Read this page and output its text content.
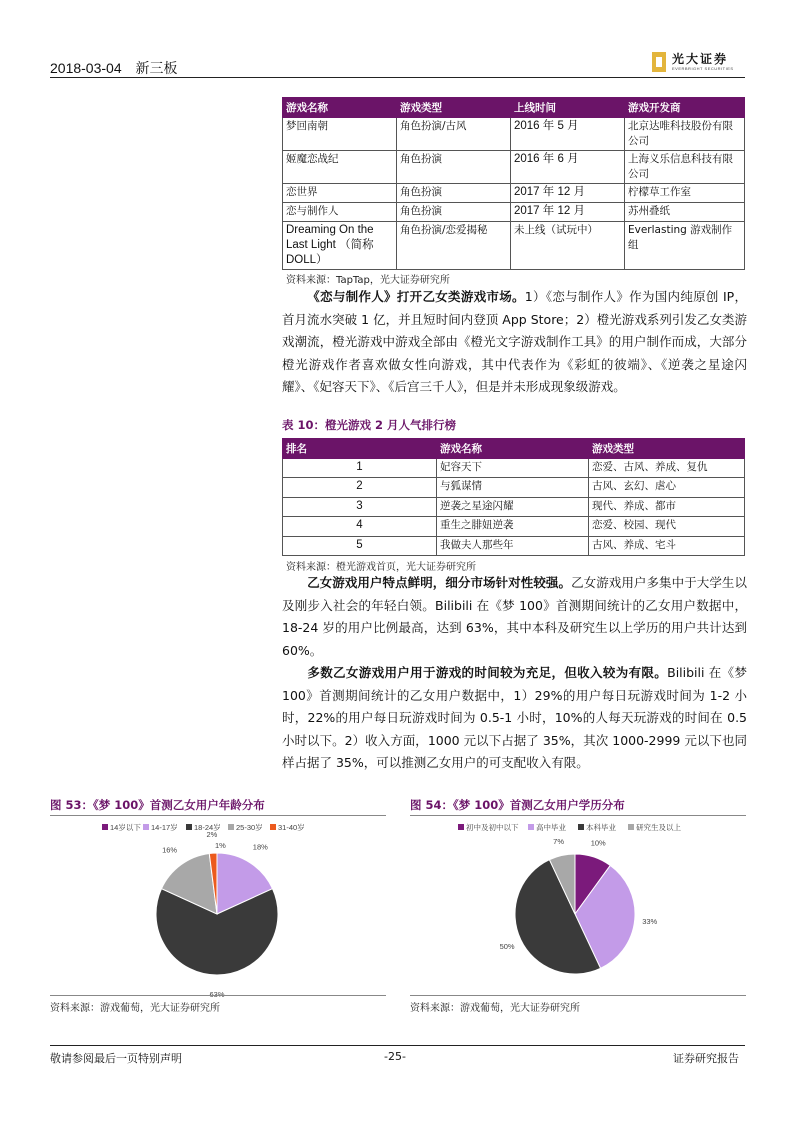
2018-03-04 新三板
光大证券
EVERBRIGHT SECURITIES
游戏名称	游戏类型	上线时间	游戏开发商
梦回南朝	角色扮演/古风	2016 年 5 月	北京达唯科技股份有限公司
姬魔恋战纪	角色扮演	2016 年 6 月	上海义乐信息科技有限公司
恋世界	角色扮演	2017 年 12 月	柠檬草工作室
恋与制作人	角色扮演	2017 年 12 月	苏州叠纸
Dreaming On the Last Light （简称DOLL）	角色扮演/恋爱揭秘	未上线（试玩中）	Everlasting 游戏制作组
资料来源：TapTap，光大证券研究所
《恋与制作人》打开乙女类游戏市场。1）《恋与制作人》作为国内纯原创 IP，首月流水突破 1 亿，并且短时间内登顶 App Store；2）橙光游戏系列引发乙女类游戏潮流，橙光游戏中游戏全部由《橙光文字游戏制作工具》的用户制作而成，大部分橙光游戏作者喜欢做女性向游戏，其中代表作为《彩虹的彼端》、《逆袭之星途闪耀》、《妃容天下》、《后宫三千人》，但是并未形成现象级游戏。
表 10：橙光游戏 2 月人气排行榜
排名	游戏名称	游戏类型
1	妃容天下	恋爱、古风、养成、复仇
2	与狐谋情	古风、玄幻、虐心
3	逆袭之星途闪耀	现代、养成、都市
4	重生之腓妞逆袭	恋爱、校园、现代
5	我做夫人那些年	古风、养成、宅斗
资料来源：橙光游戏首页，光大证券研究所
乙女游戏用户特点鲜明，细分市场针对性较强。乙女游戏用户多集中于大学生以及刚步入社会的年轻白领。Bilibili 在《梦 100》首测期间统计的乙女用户数据中，18-24 岁的用户比例最高，达到 63%，其中本科及研究生以上学历的用户共计达到 60%。
多数乙女游戏用户用于游戏的时间较为充足，但收入较为有限。Bilibili 在《梦 100》首测期间统计的乙女用户数据中，1）29%的用户每日玩游戏时间为 1-2 小时，22%的用户每日玩游戏时间为 0.5-1 小时，10%的人每天玩游戏的时间在 0.5 小时以下。2）收入方面，1000 元以下占据了 35%，其次 1000-2999 元以下也同样占据了 35%，可以推测乙女用户的可支配收入有限。
图 53：《梦 100》首测乙女用户年龄分布
14岁以下 14-17岁 18-24岁 25-30岁 31-40岁
18%
63%
16%
2%
1%
资料来源：游戏葡萄，光大证券研究所
图 54：《梦 100》首测乙女用户学历分布
初中及初中以下 高中毕业	本科毕业	研究生及以上
10%
33%
50%
7%
资料来源：游戏葡萄，光大证券研究所
敬请参阅最后一页特别声明	-25-	证券研究报告
